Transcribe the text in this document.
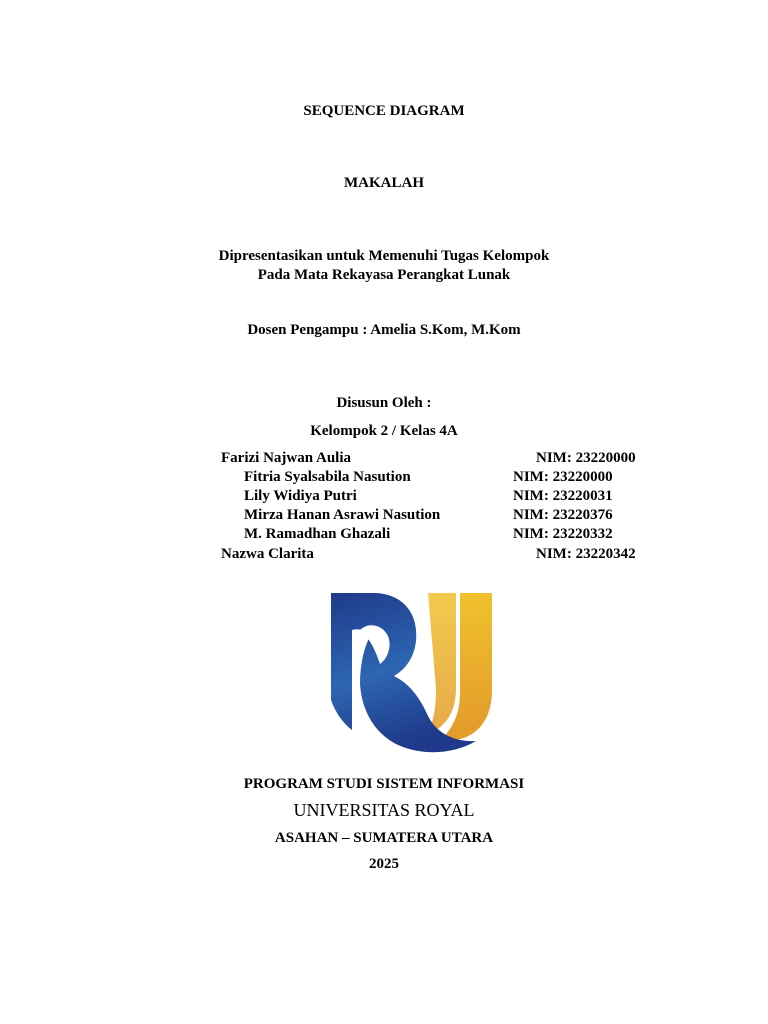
SEQUENCE DIAGRAM
MAKALAH
Dipresentasikan untuk Memenuhi Tugas Kelompok
Pada Mata Rekayasa Perangkat Lunak
Dosen Pengampu : Amelia S.Kom, M.Kom
Disusun Oleh :
Kelompok 2 / Kelas 4A
Farizi Najwan Aulia	NIM: 23220000
Fitria Syalsabila Nasution	NIM: 23220000
Lily Widiya Putri	NIM: 23220031
Mirza Hanan Asrawi Nasution	NIM: 23220376
M. Ramadhan Ghazali	NIM: 23220332
Nazwa Clarita	NIM: 23220342
PROGRAM STUDI SISTEM INFORMASI
UNIVERSITAS ROYAL
ASAHAN – SUMATERA UTARA
2025
